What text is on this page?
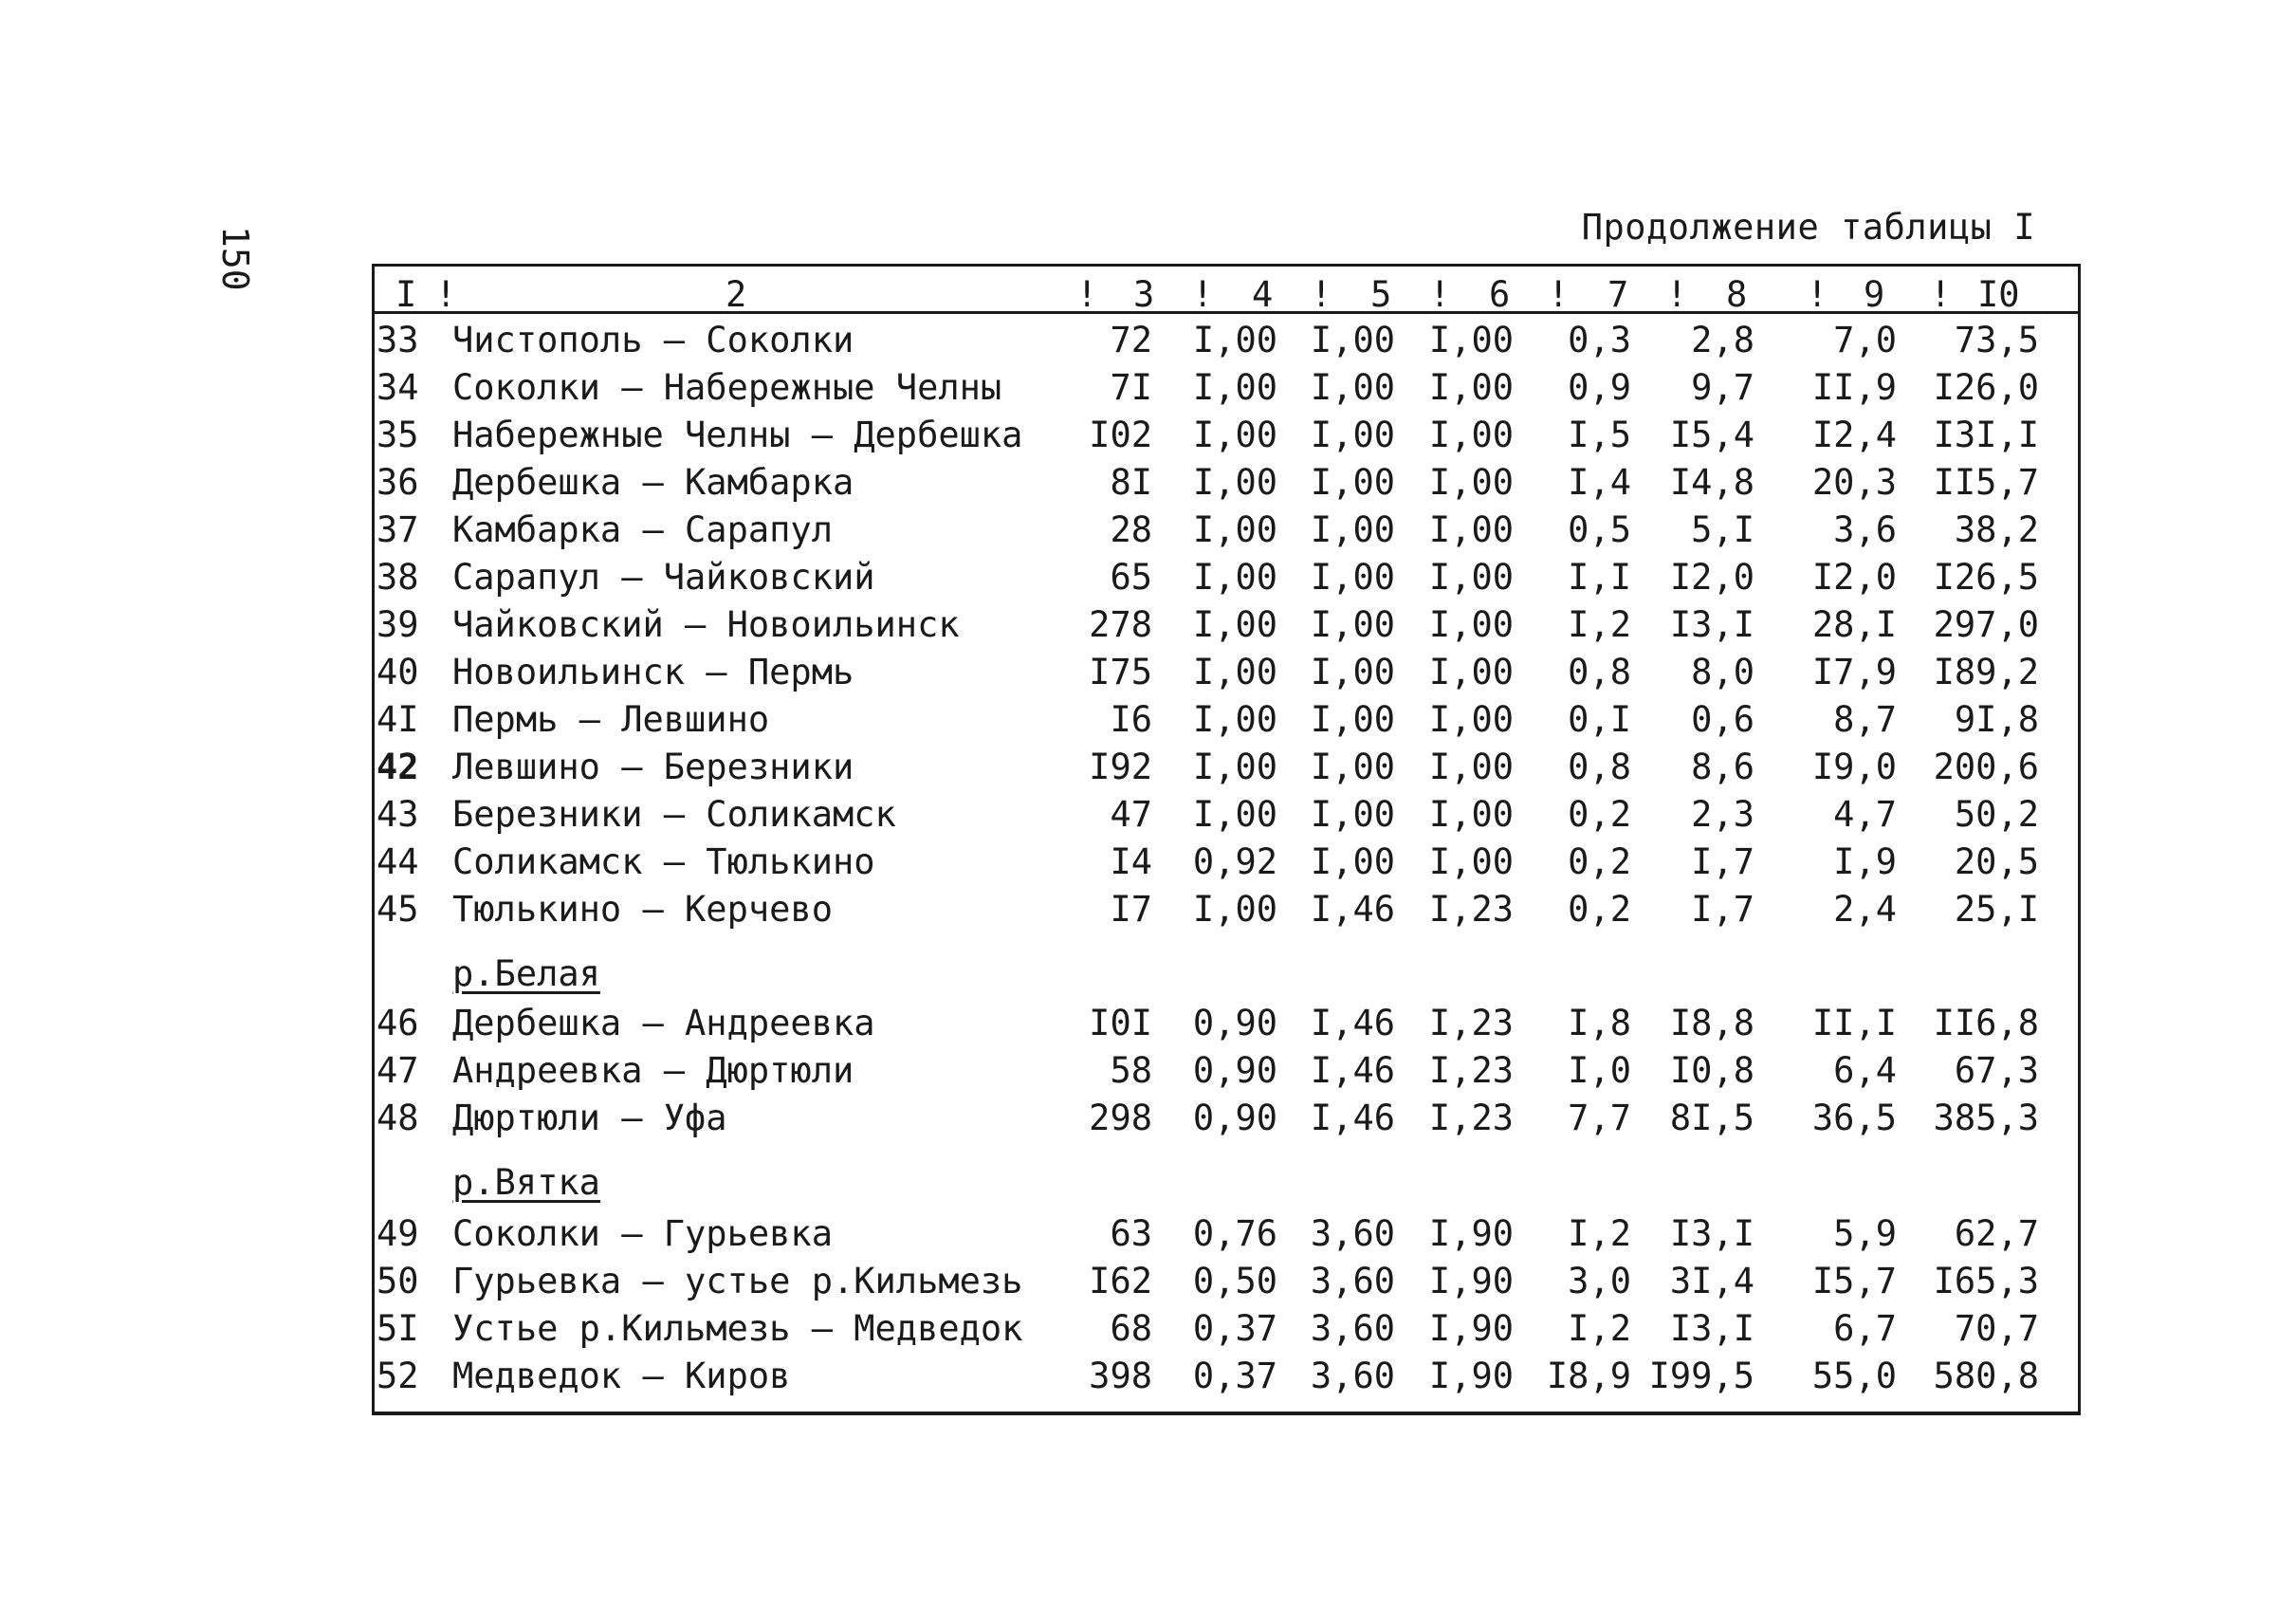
150	Продолжение таблицы I
I !	2	! 3 ! 4 ! 5 ! 6 ! 7 ! 8 ! 9 ! I0
33 Чистополь – Соколки	72	I,00 I,00 I,00	0,3	2,8	7,0	73,5
34 Соколки – Набережные Челны	7I	I,00 I,00 I,00	0,9	9,7	II,9	I26,0
35 Набережные Челны – Дербешка	I02	I,00 I,00 I,00	I,5	I5,4	I2,4	I3I,I
36 Дербешка – Камбарка	8I	I,00 I,00 I,00	I,4	I4,8	20,3	II5,7
37 Камбарка – Сарапул	28	I,00 I,00 I,00	0,5	5,I	3,6	38,2
38 Сарапул – Чайковский	65	I,00 I,00 I,00	I,I	I2,0	I2,0	I26,5
39 Чайковский – Новоильинск	278	I,00 I,00 I,00	I,2	I3,I	28,I	297,0
40 Новоильинск – Пермь	I75	I,00 I,00 I,00	0,8	8,0	I7,9	I89,2
4I Пермь – Левшино	I6	I,00 I,00 I,00	0,I	0,6	8,7	9I,8
42 Левшино – Березники	I92	I,00 I,00 I,00	0,8	8,6	I9,0	200,6
43 Березники – Соликамск	47	I,00 I,00 I,00	0,2	2,3	4,7	50,2
44 Соликамск – Тюлькино	I4	0,92 I,00 I,00	0,2	I,7	I,9	20,5
45 Тюлькино – Керчево	I7	I,00 I,46 I,23	0,2	I,7	2,4	25,I
р.Белая
46 Дербешка – Андреевка	I0I	0,90 I,46 I,23	I,8	I8,8	II,I	II6,8
47 Андреевка – Дюртюли	58	0,90 I,46 I,23	I,0	I0,8	6,4	67,3
48 Дюртюли – Уфа	298	0,90 I,46 I,23	7,7	8I,5	36,5	385,3
р.Вятка
49 Соколки – Гурьевка	63	0,76 3,60 I,90	I,2	I3,I	5,9	62,7
50 Гурьевка – устье р.Кильмезь	I62	0,50 3,60 I,90	3,0	3I,4	I5,7	I65,3
5I Устье р.Кильмезь – Медведок	68	0,37 3,60 I,90	I,2	I3,I	6,7	70,7
52 Медведок – Киров	398	0,37 3,60 I,90 I8,9 I99,5	55,0	580,8
